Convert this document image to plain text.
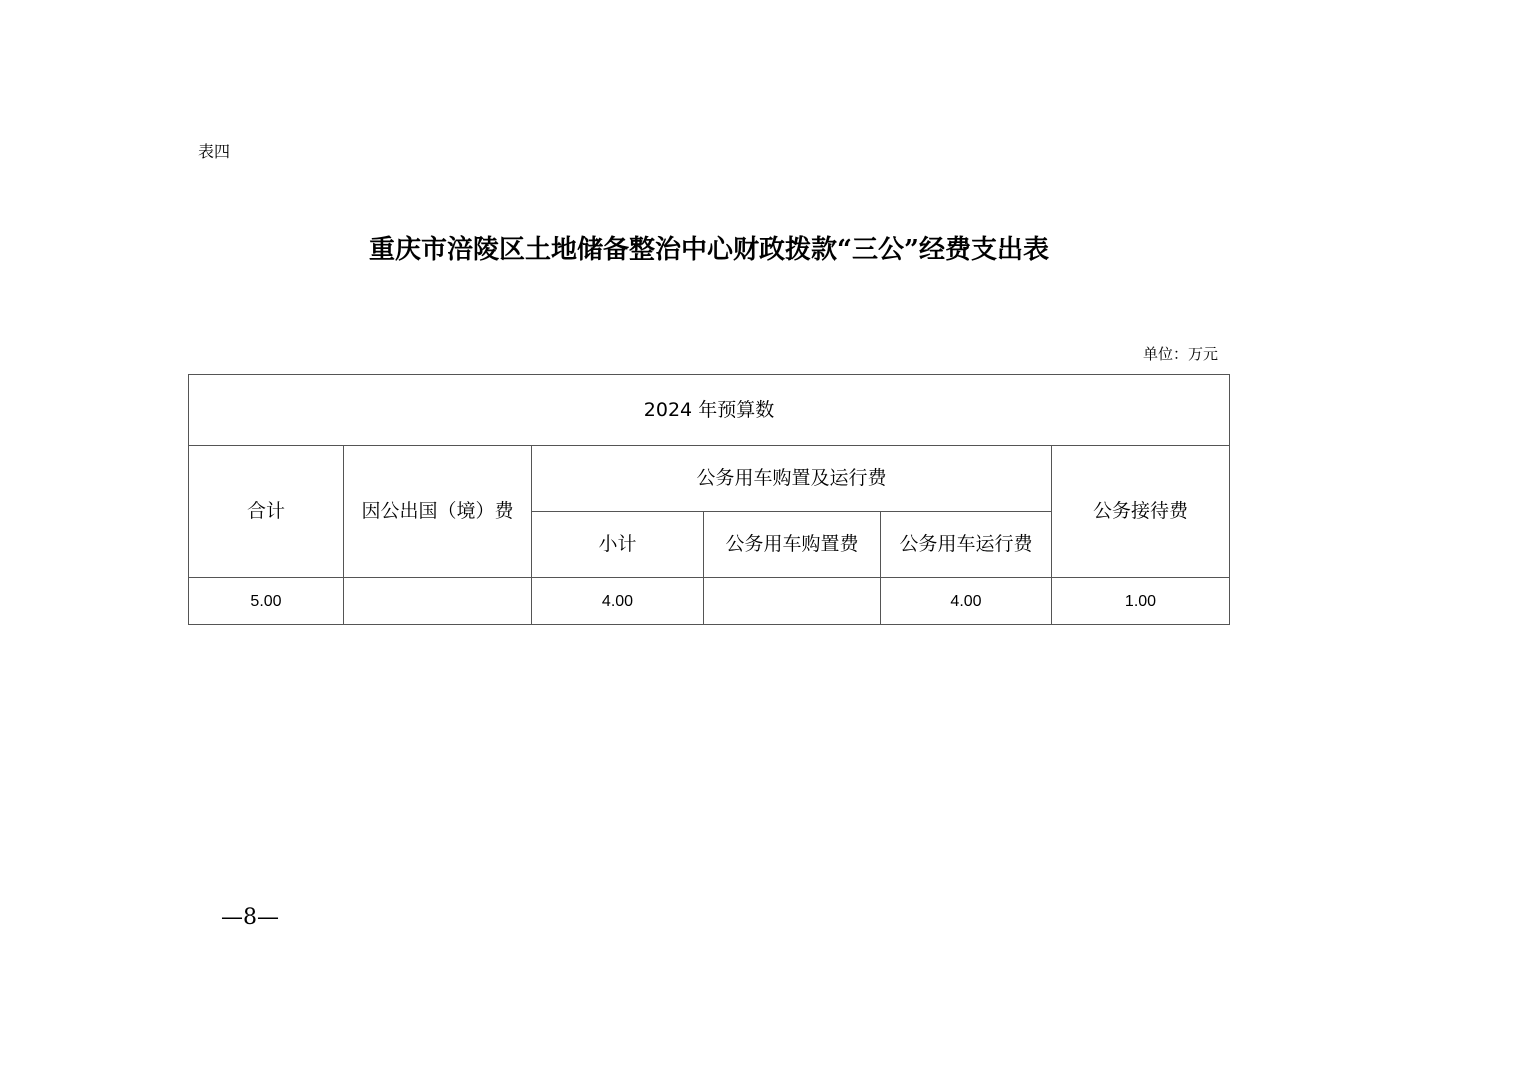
表四
重庆市涪陵区土地储备整治中心财政拨款“三公”经费支出表
单位：万元
2024 年预算数					
合计	因公出国（境）费	公务用车购置及运行费			公务接待费
		小计	公务用车购置费	公务用车运行费	
5.00		4.00		4.00	1.00
—8—
